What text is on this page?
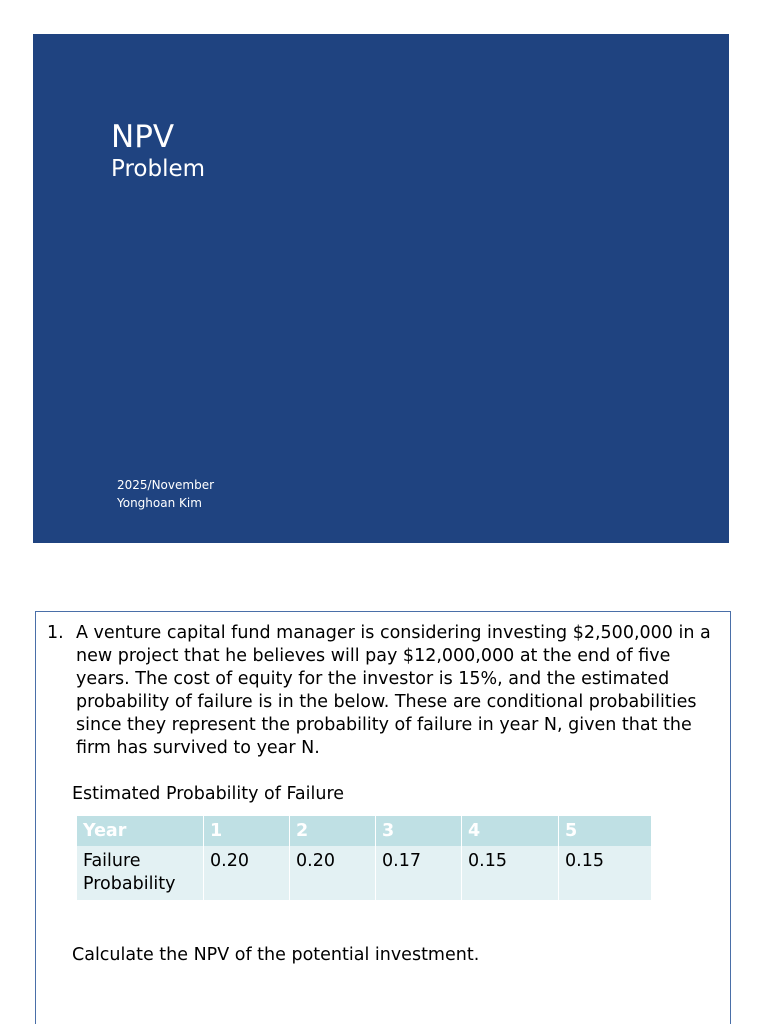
NPV
Problem
2025/November
Yonghoan Kim
1. A venture capital fund manager is considering investing $2,500,000 in a new project that he believes will pay $12,000,000 at the end of five years. The cost of equity for the investor is 15%, and the estimated probability of failure is in the below. These are conditional probabilities since they represent the probability of failure in year N, given that the firm has survived to year N.
Estimated Probability of Failure
Year	1	2	3	4	5
Failure Probability	0.20	0.20	0.17	0.15	0.15
Calculate the NPV of the potential investment.
